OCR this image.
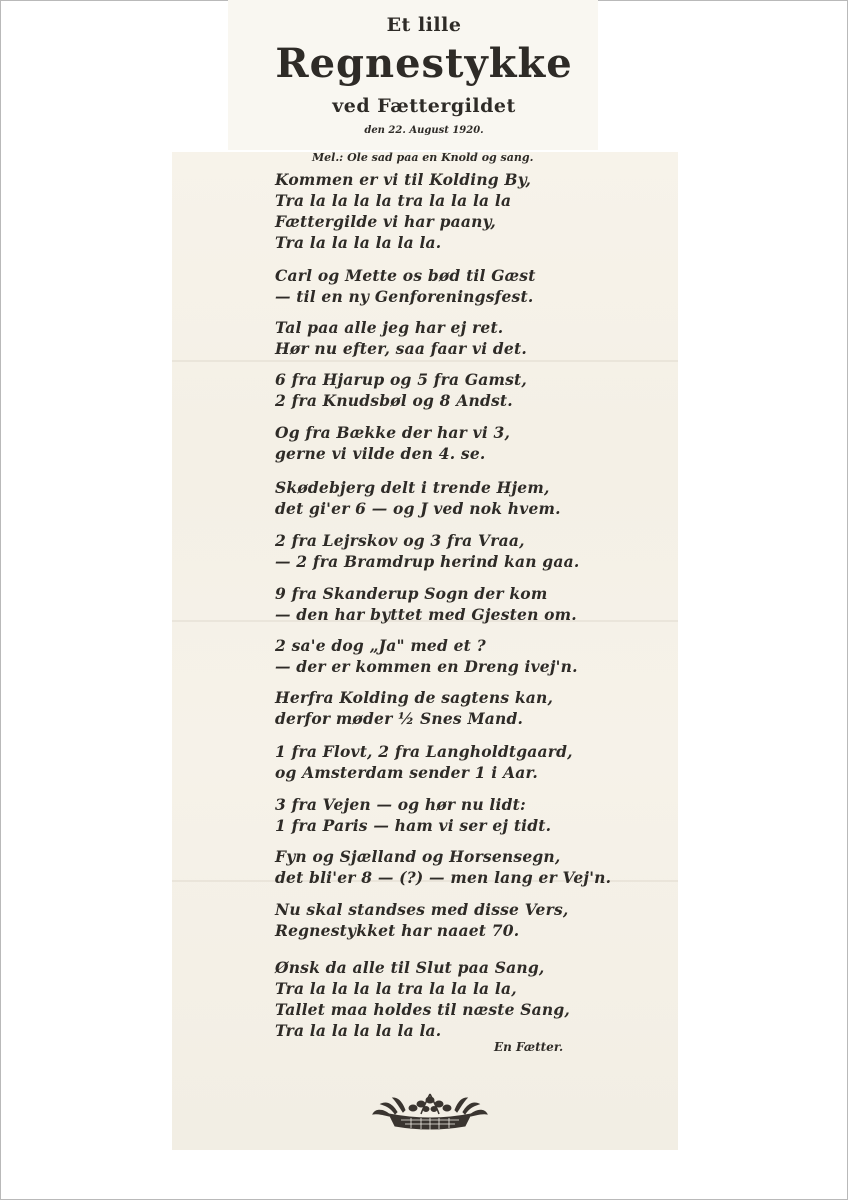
Et lille
Regnestykke
ved Fættergildet
den 22. August 1920.
Mel.: Ole sad paa en Knold og sang.
Kommen er vi til Kolding By,
Tra la la la la tra la la la la
Fættergilde vi har paany,
Tra la la la la la la.
Carl og Mette os bød til Gæst
— til en ny Genforeningsfest.
Tal paa alle jeg har ej ret.
Hør nu efter, saa faar vi det.
6 fra Hjarup og 5 fra Gamst,
2 fra Knudsbøl og 8 Andst.
Og fra Bække der har vi 3,
gerne vi vilde den 4. se.
Skødebjerg delt i trende Hjem,
det gi'er 6 — og J ved nok hvem.
2 fra Lejrskov og 3 fra Vraa,
— 2 fra Bramdrup herind kan gaa.
9 fra Skanderup Sogn der kom
— den har byttet med Gjesten om.
2 sa'e dog „Ja" med et ?
— der er kommen en Dreng ivej'n.
Herfra Kolding de sagtens kan,
derfor møder ½ Snes Mand.
1 fra Flovt, 2 fra Langholdtgaard,
og Amsterdam sender 1 i Aar.
3 fra Vejen — og hør nu lidt:
1 fra Paris — ham vi ser ej tidt.
Fyn og Sjælland og Horsensegn,
det bli'er 8 — (?) — men lang er Vej'n.
Nu skal standses med disse Vers,
Regnestykket har naaet 70.
Ønsk da alle til Slut paa Sang,
Tra la la la la tra la la la la,
Tallet maa holdes til næste Sang,
Tra la la la la la la.
En Fætter.
